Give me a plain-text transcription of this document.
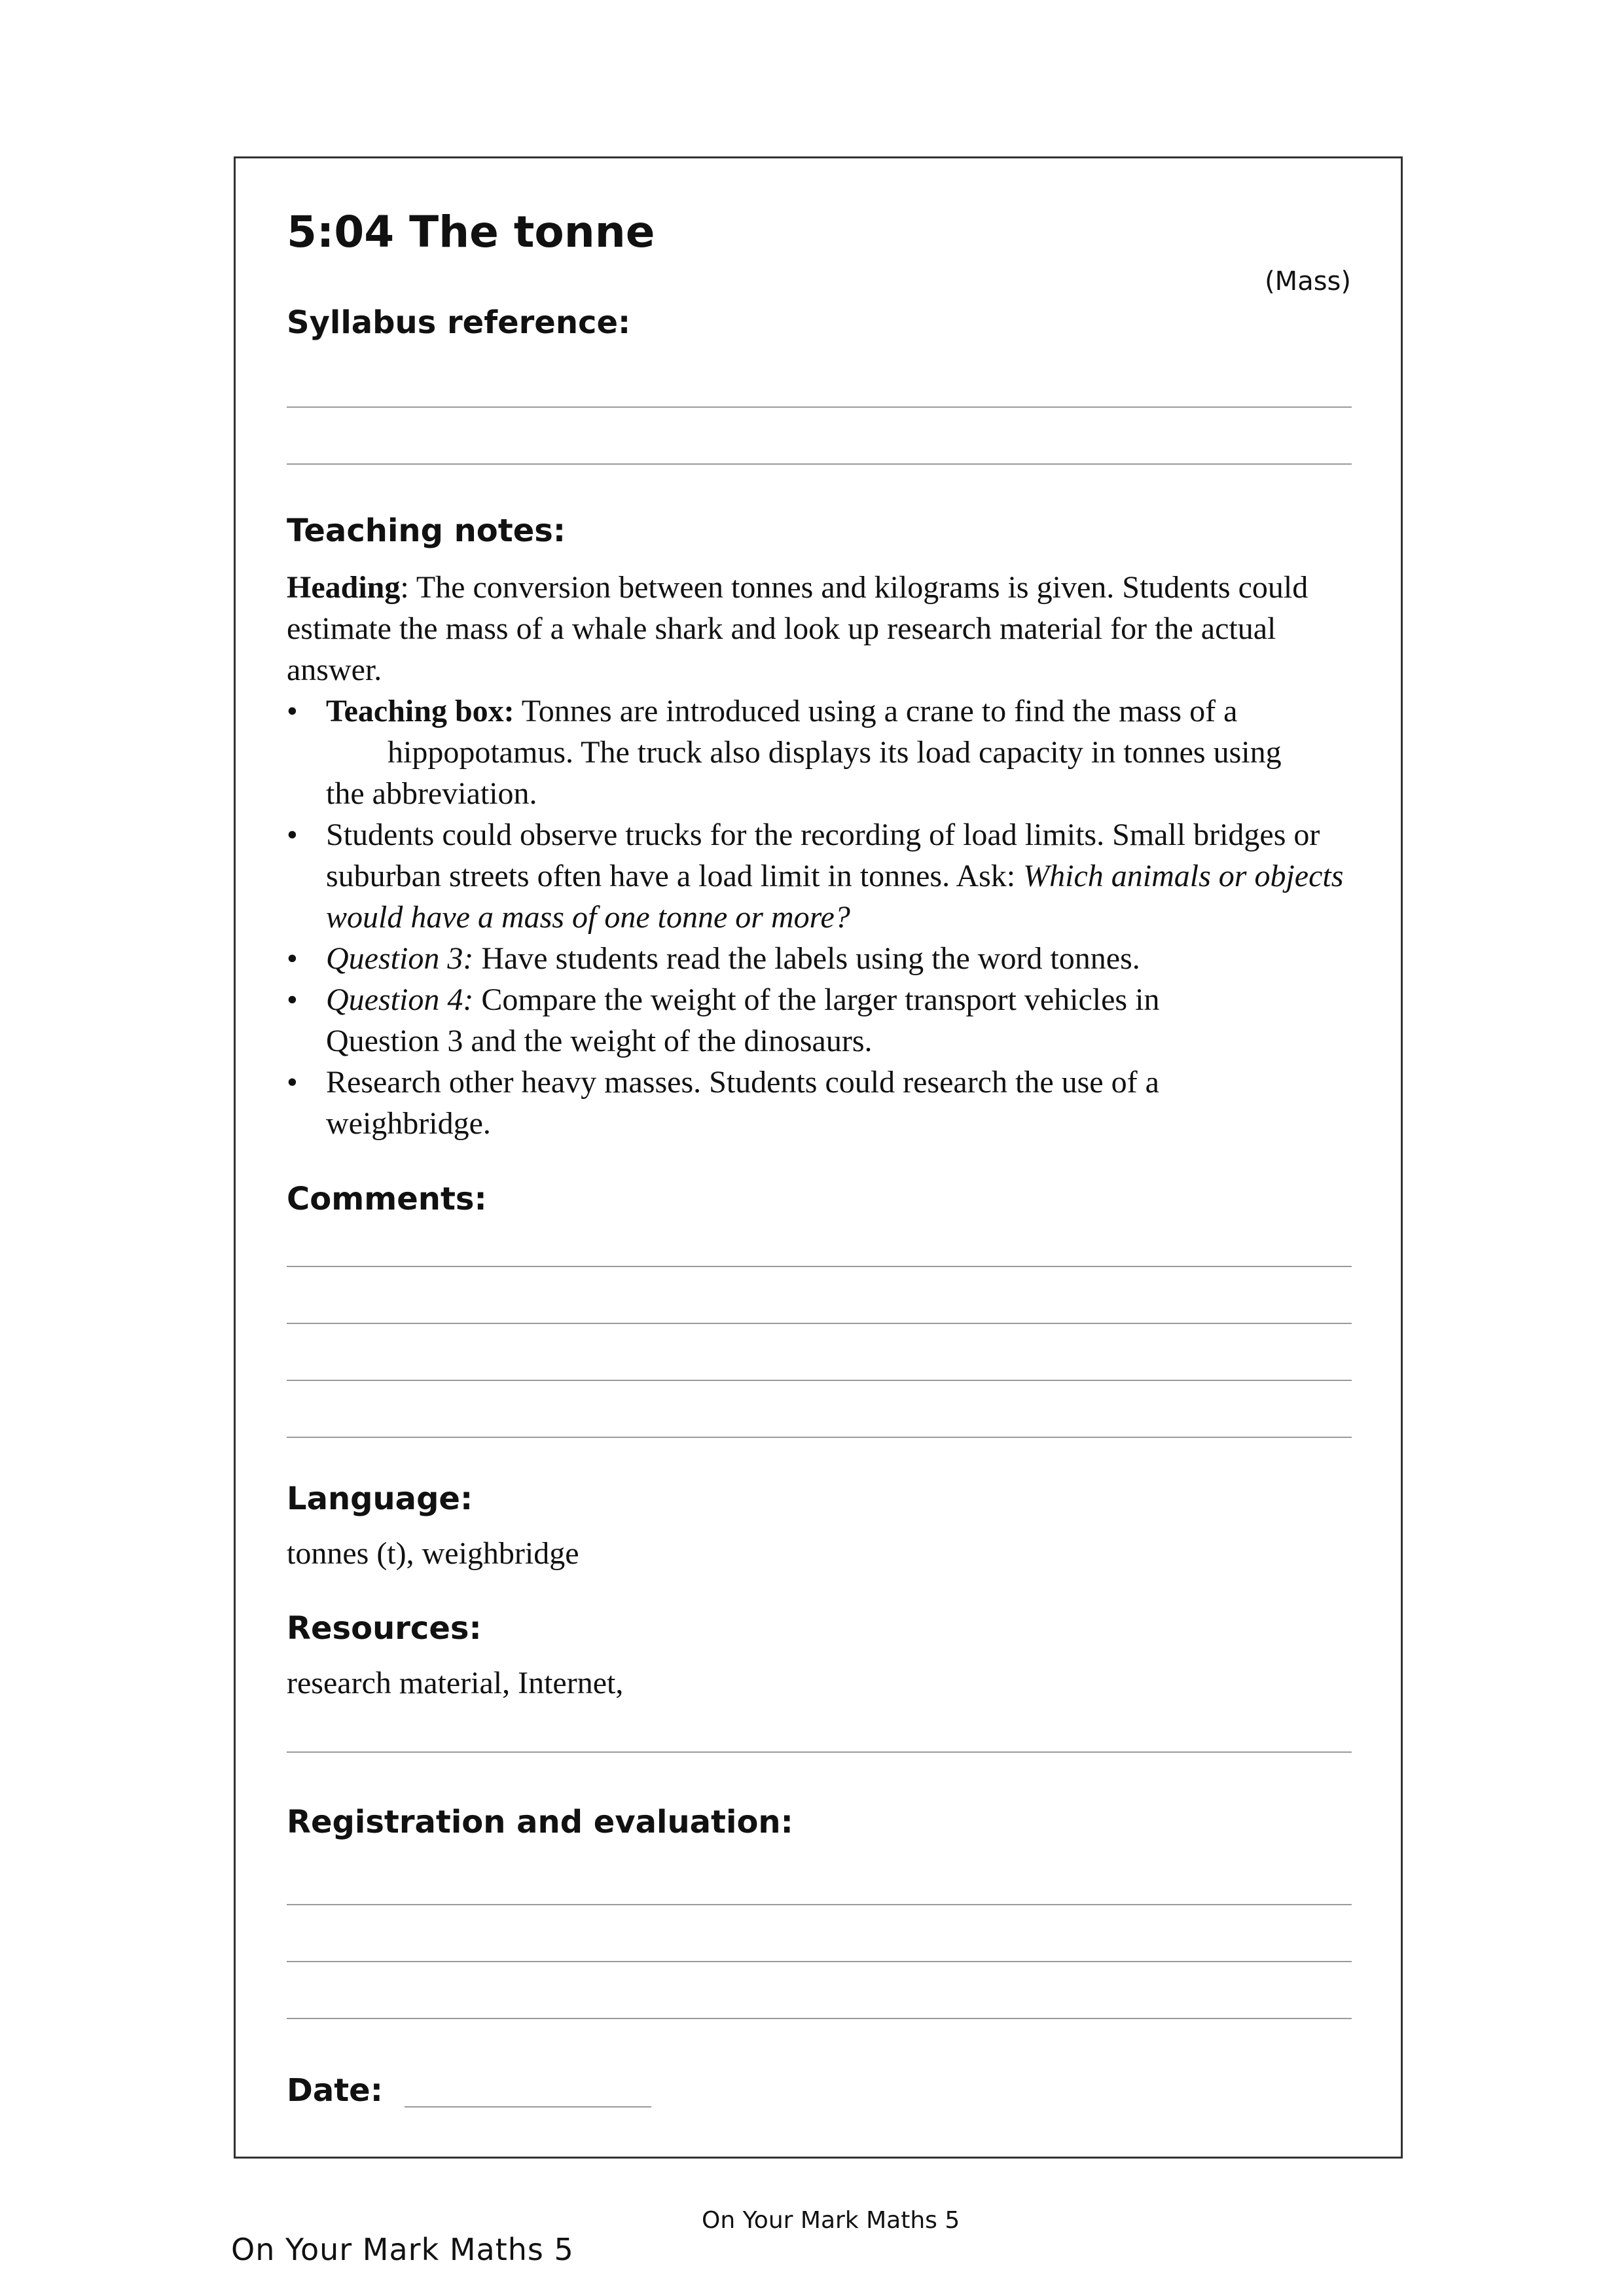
5:04 The tonne
(Mass)
Syllabus reference:
Teaching notes:

Heading: The conversion between tonnes and kilograms is given. Students could estimate the mass of a whale shark and look up research material for the actual answer.

• Teaching box: Tonnes are introduced using a crane to find the mass of a
hippopotamus. The truck also displays its load capacity in tonnes using
the abbreviation.
• Students could observe trucks for the recording of load limits. Small bridges or suburban streets often have a load limit in tonnes. Ask: Which animals or objects would have a mass of one tonne or more?
• Question 3: Have students read the labels using the word tonnes.
• Question 4: Compare the weight of the larger transport vehicles in Question 3 and the weight of the dinosaurs.
• Research other heavy masses. Students could research the use of a weighbridge.
Comments:
Language:
tonnes (t), weighbridge
Resources:
research material, Internet,
Registration and evaluation:
Date:
On Your Mark Maths 5
On Your Mark Maths 5
